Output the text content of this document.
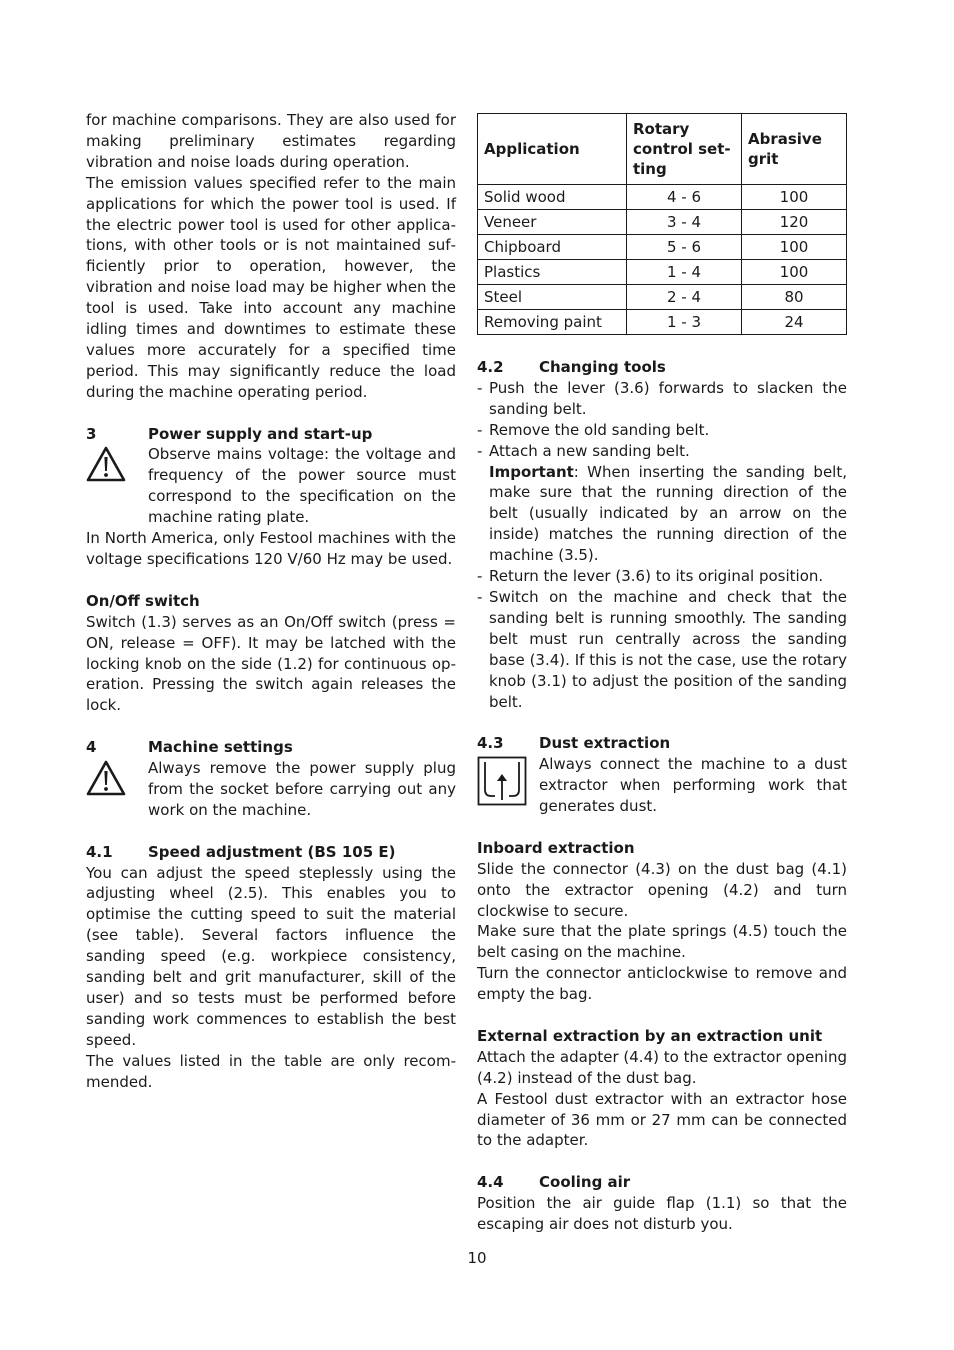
for machine comparisons. They are also used for making preliminary estimates regarding vibration and noise loads during operation.

The emission values specified refer to the main applications for which the power tool is used. If the electric power tool is used for other applications, with other tools or is not maintained sufficiently prior to operation, however, the vibration and noise load may be higher when the tool is used. Take into account any machine idling times and downtimes to estimate these values more accurately for a specified time period. This may significantly reduce the load during the machine operating period.

3	Power supply and start-up
Observe mains voltage: the voltage and frequency of the power source must correspond to the specification on the machine rating plate.

In North America, only Festool machines with the voltage specifications 120 V/60 Hz may be used.

On/Off switch

Switch (1.3) serves as an On/Off switch (press = ON, release = OFF). It may be latched with the locking knob on the side (1.2) for continuous operation. Pressing the switch again releases the lock.

4	Machine settings
Always remove the power supply plug from the socket before carrying out any work on the machine.
4.1	Speed adjustment (BS 105 E)

You can adjust the speed steplessly using the adjusting wheel (2.5). This enables you to optimise the cutting speed to suit the material (see table). Several factors influence the sanding speed (e.g. workpiece consistency, sanding belt and grit manufacturer, skill of the user) and so tests must be performed before sanding work commences to establish the best speed.

The values listed in the table are only recommended.

Application	Rotary control setting	Abrasive grit
Solid wood	4 - 6	100
Veneer	3 - 4	120
Chipboard	5 - 6	100
Plastics	1 - 4	100
Steel	2 - 4	80
Removing paint	1 - 3	24
4.2	Changing tools
- Push the lever (3.6) forwards to slacken the sanding belt.
- Remove the old sanding belt.
- Attach a new sanding belt.

Important: When inserting the sanding belt, make sure that the running direction of the belt (usually indicated by an arrow on the inside) matches the running direction of the machine (3.5).

- Return the lever (3.6) to its original position.
- Switch on the machine and check that the sanding belt is running smoothly. The sanding belt must run centrally across the sanding base (3.4). If this is not the case, use the rotary knob (3.1) to adjust the position of the sanding belt.
4.3	Dust extraction
Always connect the machine to a dust extractor when performing work that generates dust.
Inboard extraction

Slide the connector (4.3) on the dust bag (4.1) onto the extractor opening (4.2) and turn clockwise to secure.

Make sure that the plate springs (4.5) touch the belt casing on the machine.

Turn the connector anticlockwise to remove and empty the bag.

External extraction by an extraction unit

Attach the adapter (4.4) to the extractor opening (4.2) instead of the dust bag.

A Festool dust extractor with an extractor hose diameter of 36 mm or 27 mm can be connected to the adapter.

4.4	Cooling air

Position the air guide flap (1.1) so that the escaping air does not disturb you.

10
